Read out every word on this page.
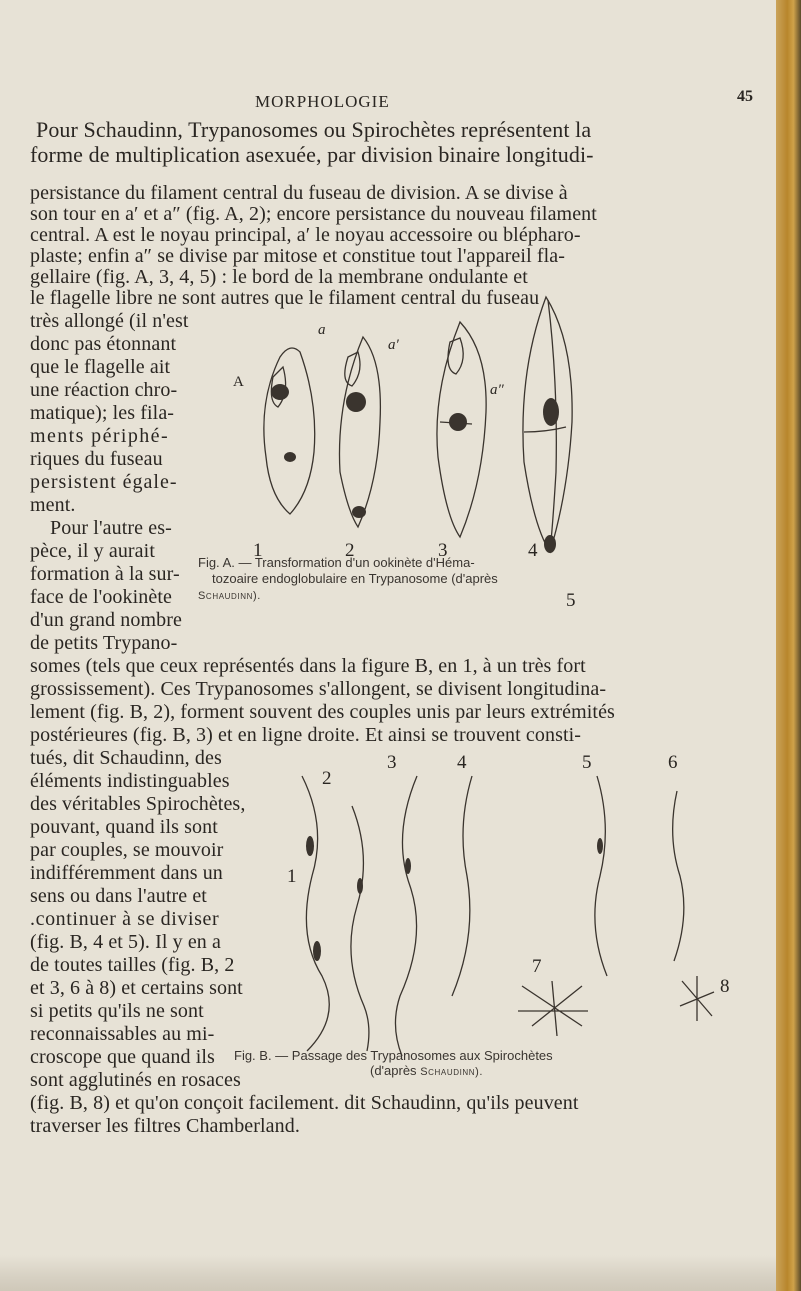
MORPHOLOGIE	45
Pour Schaudinn, Trypanosomes ou Spirochètes représentent la
forme de multiplication asexuée, par division binaire longitudi-
persistance du filament central du fuseau de division. A se divise à
son tour en a′ et a″ (fig. A, 2); encore persistance du nouveau filament
central. A est le noyau principal, a′ le noyau accessoire ou blépharo-
plaste; enfin a″ se divise par mitose et constitue tout l'appareil fla-
gellaire (fig. A, 3, 4, 5) : le bord de la membrane ondulante et
le flagelle libre ne sont autres que le filament central du fuseau
très allongé (il n'est
donc pas étonnant
que le flagelle ait
une réaction chro-
matique); les fila-
ments périphé-
riques du fuseau
persistent égale-
ment.
Pour l'autre es-
pèce, il y aurait
formation à la sur-
face de l'ookinète
d'un grand nombre
de petits Trypano-
somes (tels que ceux représentés dans la figure B, en 1, à un très fort
grossissement). Ces Trypanosomes s'allongent, se divisent longitudina-
lement (fig. B, 2), forment souvent des couples unis par leurs extrémités
postérieures (fig. B, 3) et en ligne droite. Et ainsi se trouvent consti-
tués, dit Schaudinn, des
éléments indistinguables
des véritables Spirochètes,
pouvant, quand ils sont
par couples, se mouvoir
indifféremment dans un
sens ou dans l'autre et
.continuer à se diviser
(fig. B, 4 et 5). Il y en a
de toutes tailles (fig. B, 2
et 3, 6 à 8) et certains sont
si petits qu'ils ne sont
reconnaissables au mi-
croscope que quand ils
sont agglutinés en rosaces
(fig. B, 8) et qu'on conçoit facilement. dit Schaudinn, qu'ils peuvent
traverser les filtres Chamberland.
1	2	3	4
5
a
a′
a″
A
Fig. A. — Transformation d'un ookinète d'Héma-
tozoaire endoglobulaire en Trypanosome (d'après
Schaudinn).
1
2
3	4	5	6
7
8
Fig. B. — Passage des Trypanosomes aux Spirochètes
(d'après Schaudinn).
